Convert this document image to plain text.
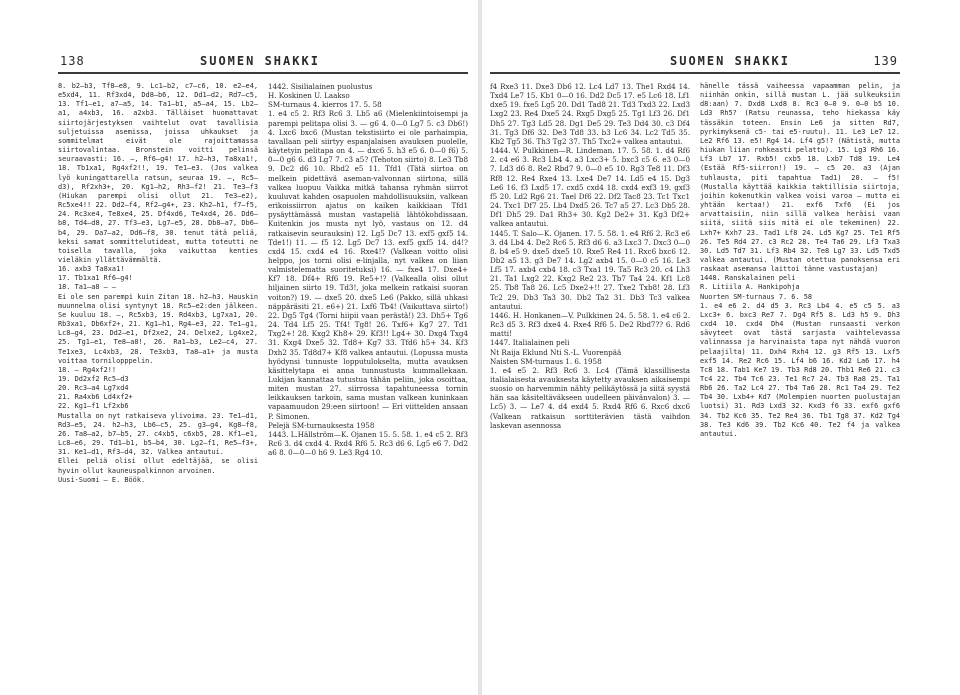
138	SUOMEN SHAKKI
8. b2—b3, Tf8—e8, 9. Lc1—b2, c7—c6, 10. e2—e4, e5xd4, 11. Rf3xd4, Dd8—b6, 12. Dd1—d2, Rd7—c5, 13. Tf1—e1, a7—a5, 14. Ta1—b1, a5—a4, 15. Lb2—a1, a4xb3, 16. a2xb3. Tälläiset huomattavat siirtojärjestyksen vaihtelut ovat tavallisia suljetuissa asemissa, joissa uhkaukset ja sommitelmat eivät ole rajoittamassa siirtovalintaa. Bronstein voitti pelinsä seuraavasti: 16. —, Rf6—g4! 17. h2—h3, Ta8xa1!, 18. Tb1xa1, Rg4xf2!!, 19. Te1—e3. (Jos valkea lyö kuningattarella ratsun, seuraa 19. —, Rc5—d3), Rf2xh3+, 20. Kg1—h2, Rh3—f2! 21. Te3—f3 (Hiukan parempi olisi ollut 21. Te3—e2), Rc5xe4!! 22. Dd2—f4, Rf2—g4+, 23. Kh2—h1, f7—f5, 24. Rc3xe4, Te8xe4, 25. Df4xd6, Te4xd4, 26. Dd6—b8, Td4—d8, 27. Tf3—e3, Lg7—e5, 28. Db8—a7, Db6—b4, 29. Da7—a2, Dd6—f8, 30. tenut tätä peliä, keksi samat sommittelutideat, mutta toteutti ne toisella tavalla, joka vaikuttaa kenties vieläkin yllättävämmältä.
16. axb3 Ta8xa1!
17. Tb1xa1 Rf6—g4!
18. Ta1—a8 — —
Ei ole sen parempi kuin Zitan 18. h2—h3. Hauskin muunnelma olisi syntynyt 18. Rc5—e2:den jälkeen. Se kuuluu 18. —, Rc5xb3, 19. Rd4xb3, Lg7xa1, 20. Rb3xa1, Db6xf2+, 21. Kg1—h1, Rg4—e3, 22. Te1—g1, Lc8—g4, 23. Dd2—e1, Df2xe2, 24. Delxe2, Lg4xe2, 25. Tg1—e1, Te8—a8!, 26. Ra1—b3, Le2—c4, 27. Te1xe3, Lc4xb3, 28. Te3xb3, Ta8—a1+ ja musta voittaa tornilopppelin.
18. — Rg4xf2!!
19. Dd2xf2 Rc5—d3
20. Rc3—a4 Lg7xd4
21. Ra4xb6 Ld4xf2+
22. Kg1—f1 Lf2xb6
Mustalla on nyt ratkaiseva ylivoima. 23. Te1—d1, Rd3—e5, 24. h2—h3, Lb6—c5, 25. g3—g4, Kg8—f8, 26. Ta8—a2, b7—b5, 27. c4xb5, c6xb5, 28. Kf1—e1, Lc8—e6, 29. Td1—b1, b5—b4, 30. Lg2—f1, Re5—f3+, 31. Ke1—d1, Rf3—d4, 32. Valkea antautui.
Ellei peliä olisi ollut edeltäjää, se olisi hyvin ollut kauneuspalkinnon arvoinen.
Uusi-Suomi — E. Böök.
1442. Sisilialainen puolustus
H. Koskinen U. Laakso
SM-turnaus 4. kierros 17. 5. 58
1. e4 c5 2. Rf3 Rc6 3. Lb5 a6 (Mielenkiintoisempi ja parempi pelitapa olisi 3. — g6 4. 0—0 Lg7 5. c3 Db6!) 4. Lxc6 bxc6 (Mustan tekstisiirto ei ole parhaimpia, tavallaan peli siirtyy espanjalaisen avauksen puolelle, käytetyin pelitapa on 4. — dxc6 5. h3 e5 6. 0—0 f6) 5. 0—0 g6 6. d3 Lg7 7. c3 a5? (Tehoton siirto) 8. Le3 Tb8 9. Dc2 d6 10. Rbd2 e5 11. Tfd1 (Tätä siirtoa on melkein pidettävä aseman-valvonnan siirtona, sillä valkea luopuu Vaikka mitkä tahansa ryhmän siirrot kuuluvat kahden osapuolen mahdollisuuksiin, valkean erikoissiirron ajatus on kaiken kaikkiaan Tfd1 pysäyttämässä mustan vastapeliä lähtökohdissaan. Kuitenkin jos musta nyt lyö, vastaus on 12. d4 ratkaisevin seurauksin) 12. Lg5 Dc7 13. exf5 gxf5 14. Tde1!) 11. — f5 12. Lg5 Dc7 13. exf5 gxf5 14. d4!? cxd4 15. cxd4 e4 16. Rxe4!? (Valkean voitto olisi helppo, jos torni olisi e-linjalla, nyt valkea on liian valmistelematta suoritetuksi) 16. — fxe4 17. Dxe4+ Kf7 18. Df4+ Rf6 19. Re5+!? (Valkealla olisi ollut hiljainen siirto 19. Td3!, joka melkein ratkaisi suoran voiton?) 19. — dxe5 20. dxe5 Le6 (Pakko, sillä uhkasi näppäräsiti 21. e6+) 21. Lxf6 Tb4! (Vaikuttava siirto!) 22. Dg5 Tg4 (Torni hiipii vaan perästä!) 23. Dh5+ Tg6 24. Td4 Lf5 25. Tf4! Tg8! 26. Txf6+ Kg7 27. Td1 Txg2+! 28. Kxg2 Kh8+ 29. Kf3!! Lg4+ 30. Dxg4 Txg4 31. Kxg4 Dxe5 32. Td8+ Kg7 33. Tfd6 h5+ 34. Kf3 Dxh2 35. Td8d7+ Kf8 valkea antautui. (Lopussa musta hyödynsi tunnuste lopputulokselta, mutta avauksen käsittelytapa ei anna tunnustusta kummallekaan. Lukijan kannattaa tutustua tähän peliin, joka osoittaa, miten mustan 27. siirrossa tapahtuneessa tornin leikkauksen tarkoin, sama mustan valkean kuninkaan vapaamuudon 29:een siirtoon! — Eri viittelden ansaan P. Simonen.
Pelejä SM-turnauksesta 1958
1443. L.Hällström—K. Ojanen 15. 5. 58. 1. e4 c5 2. Rf3 Rc6 3. d4 cxd4 4. Rxd4 Rf6 5. Rc3 d6 6. Lg5 e6 7. Dd2 a6 8. 0—0—0 h6 9. Le3 Rg4 10.
SUOMEN SHAKKI	139
f4 Rxe3 11. Dxe3 Db6 12. Lc4 Ld7 13. The1 Rxd4 14. Txd4 Le7 15. Kb1 0—0 16. Dd2 Dc5 17. e5 Lc6 18. Lf1 dxe5 19. fxe5 Lg5 20. Dd1 Tad8 21. Td3 Txd3 22. Lxd3 Lxg2 23. Re4 Dxe5 24. Rxg5 Dxg5 25. Tg1 Lf3 26. Df1 Dh5 27. Tg3 Ld5 28. Dg1 De5 29. Te3 Dd4 30. c3 Df4 31. Tg3 Df6 32. De3 Td8 33. b3 Lc6 34. Lc2 Td5 35. Kb2 Tg5 36. Th3 Tg2 37. Th5 Txc2+ valkea antautui.
1444. V. Pulkkinen—R. Lindeman. 17. 5. 58. 1. d4 Rf6 2. c4 e6 3. Rc3 Lb4 4. a3 Lxc3+ 5. bxc3 c5 6. e3 0—0 7. Ld3 d6 8. Re2 Rbd7 9. 0—0 e5 10. Rg3 Te8 11. Df3 Rf8 12. Re4 Rxe4 13. Lxe4 De7 14. Ld5 e4 15. Dg3 Le6 16. f3 Lxd5 17. cxd5 cxd4 18. cxd4 exf3 19. gxf3 f5 20. Ld2 Rg6 21. Tael Df6 22. Df2 Tac8 23. Tc1 Txc1 24. Txc1 Df7 25. Lb4 Dxd5 26. Tc7 a5 27. Lc3 Db5 28. Df1 Dh5 29. Da1 Rh3+ 30. Kg2 De2+ 31. Kg3 Df2+ valkea antautui.
1445. T. Salo—K. Ojanen. 17. 5. 58. 1. e4 Rf6 2. Rc3 e6 3. d4 Lb4 4. De2 Rc6 5. Rf3 d6 6. a3 Lxc3 7. Dxc3 0—0 8. b4 e5 9. dxe5 dxe5 10. Rxe5 Re4 11. Rxc6 bxc6 12. Db2 a5 13. g3 De7 14. Lg2 axb4 15. 0—0 c5 16. Le3 Lf5 17. axb4 cxb4 18. c3 Txa1 19. Ta5 Rc3 20. c4 Lh3 21. Ta1 Lxg2 22. Kxg2 Re2 23. Tb7 Ta4 24. Kf1 Lc8 25. Tb8 Ta8 26. Lc5 Dxe2+!! 27. Txe2 Txb8! 28. Lf3 Tc2 29. Db3 Ta3 30. Db2 Ta2 31. Db3 Tc3 valkea antautui.
1446. H. Honkanen—V. Pulkkinen 24. 5. 58. 1. e4 c6 2. Rc3 d5 3. Rf3 dxe4 4. Rxe4 Rf6 5. De2 Rbd7?? 6. Rd6 matti!
1447. Italialainen peli
Nt Raija Eklund Nti S.-L. Vuorenpää
Naisten SM-turnaus 1. 6. 1958
1. e4 e5 2. Rf3 Rc6 3. Lc4 (Tämä klassillisesta italialaisesta avauksesta käytetty avauksen aikaisempi suosio on harvemmin nähty pelikäytössä ja siitä syystä hän saa käsiteltäväkseen uudelleen päivänvalon) 3. — Lc5) 3. — Le7 4. d4 exd4 5. Rxd4 Rf6 6. Rxc6 dxc6 (Valkean ratkaisun sorttiterävien tästä vaihdon laskevan asennossa
hänelle tässä vaiheessa vapaamman pelin, ja niinhän onkin, sillä mustan L. jää sulkeuksiin d8:aan) 7. Dxd8 Lxd8 8. Rc3 0—0 9. 0—0 b5 10. Ld3 Rh5? (Ratsu reunassa, teho hiekassa käy tässäkin toteen. Ensin Le6 ja sitten Rd7, pyrkimyksenä c5- tai e5-ruutu). 11. Le3 Le7 12. Le2 Rf6 13. e5! Rg4 14. Lf4 g5!? (Nätistä, mutta hiukan liian rohkeasti pelattu). 15. Lg3 Rh6 16. Lf3 Lb7 17. Rxb5! cxb5 18. Lxb7 Td8 19. Le4 (Estää Rf5-siirron!) 19. — c5 20. a3 (Ajan tuhlausta, piti tapahtua Tad1) 20. — f5! (Mustalla käyttää kaikkia taktillisia siirtoja, joihin kokenutkin valkea voisi varoa — mutta ei yhtään kertaa!) 21. exf6 Txf6 (Ei jos arvattaisiin, niin sillä valkea heräisi vaan siitä, siitä siis mitä ei ole tekeminen) 22. Lxh7+ Kxh7 23. Tad1 Lf8 24. Ld5 Kg7 25. Te1 Rf5 26. Te5 Rd4 27. c3 Rc2 28. Te4 Ta6 29. Lf3 Txa3 30. Ld5 Td7 31. Lf3 Rb4 32. Te8 Lg7 33. Ld5 Txd5 valkea antautui. (Mustan otettua panoksensa eri raskaat asemansa laittoi tänne vastustajan)
1448. Ranskalainen peli
R. Litiila A. Hankipohja
Nuorten SM-turnaus 7. 6. 58
1. e4 e6 2. d4 d5 3. Rc3 Lb4 4. e5 c5 5. a3 Lxc3+ 6. bxc3 Re7 7. Dg4 Rf5 8. Ld3 h5 9. Dh3 cxd4 10. cxd4 Dh4 (Mustan runsaasti verkon sävyteet ovat tästä sarjasta vaihtelevassa valinnassa ja harvinaista tapa nyt nähdä vuoron pelaajilta) 11. Dxh4 Rxh4 12. g3 Rf5 13. Lxf5 exf5 14. Re2 Rc6 15. Lf4 b6 16. Kd2 La6 17. h4 Tc8 18. Tab1 Ke7 19. Tb3 Rd8 20. Thb1 Re6 21. c3 Tc4 22. Tb4 Tc6 23. Te1 Rc7 24. Tb3 Ra8 25. Ta1 Rb6 26. Ta2 Lc4 27. Tb4 Ta6 28. Rc1 Ta4 29. Te2 Tb4 30. Lxb4+ Kd7 (Molempien nuorten puolustajan luotsi) 31. Rd3 Lxd3 32. Kxd3 f6 33. exf6 gxf6 34. Tb2 Kc6 35. Te2 Re4 36. Tb1 Tg8 37. Kd2 Tg4 38. Te3 Kd6 39. Tb2 Kc6 40. Te2 f4 ja valkea antautui.
